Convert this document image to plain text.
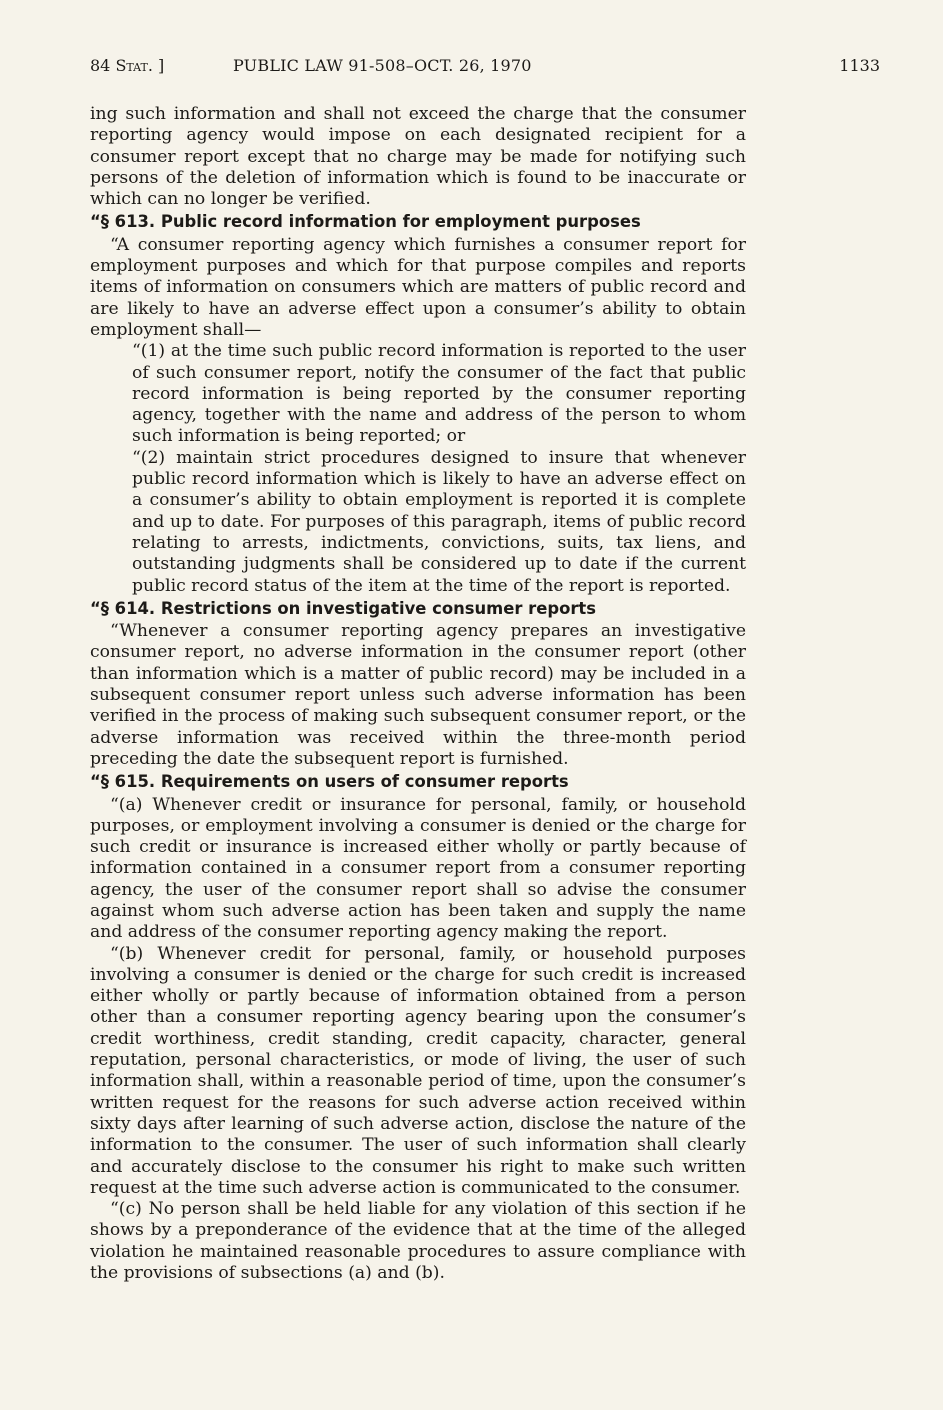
84 Stat. ]	PUBLIC LAW 91-508–OCT. 26, 1970	1133

ing such information and shall not exceed the charge that the consumer reporting agency would impose on each designated recipient for a consumer report except that no charge may be made for notifying such persons of the deletion of information which is found to be inaccurate or which can no longer be verified.

“§ 613. Public record information for employment purposes

“A consumer reporting agency which furnishes a consumer report for employment purposes and which for that purpose compiles and reports items of information on consumers which are matters of public record and are likely to have an adverse effect upon a consumer’s ability to obtain employment shall—

“(1) at the time such public record information is reported to the user of such consumer report, notify the consumer of the fact that public record information is being reported by the consumer reporting agency, together with the name and address of the person to whom such information is being reported; or

“(2) maintain strict procedures designed to insure that whenever public record information which is likely to have an adverse effect on a consumer’s ability to obtain employment is reported it is complete and up to date. For purposes of this paragraph, items of public record relating to arrests, indictments, convictions, suits, tax liens, and outstanding judgments shall be considered up to date if the current public record status of the item at the time of the report is reported.

“§ 614. Restrictions on investigative consumer reports

“Whenever a consumer reporting agency prepares an investigative consumer report, no adverse information in the consumer report (other than information which is a matter of public record) may be included in a subsequent consumer report unless such adverse information has been verified in the process of making such subsequent consumer report, or the adverse information was received within the three-month period preceding the date the subsequent report is furnished.

“§ 615. Requirements on users of consumer reports

“(a) Whenever credit or insurance for personal, family, or household purposes, or employment involving a consumer is denied or the charge for such credit or insurance is increased either wholly or partly because of information contained in a consumer report from a consumer reporting agency, the user of the consumer report shall so advise the consumer against whom such adverse action has been taken and supply the name and address of the consumer reporting agency making the report.

“(b) Whenever credit for personal, family, or household purposes involving a consumer is denied or the charge for such credit is increased either wholly or partly because of information obtained from a person other than a consumer reporting agency bearing upon the consumer’s credit worthiness, credit standing, credit capacity, character, general reputation, personal characteristics, or mode of living, the user of such information shall, within a reasonable period of time, upon the consumer’s written request for the reasons for such adverse action received within sixty days after learning of such adverse action, disclose the nature of the information to the consumer. The user of such information shall clearly and accurately disclose to the consumer his right to make such written request at the time such adverse action is communicated to the consumer.

“(c) No person shall be held liable for any violation of this section if he shows by a preponderance of the evidence that at the time of the alleged violation he maintained reasonable procedures to assure compliance with the provisions of subsections (a) and (b).
